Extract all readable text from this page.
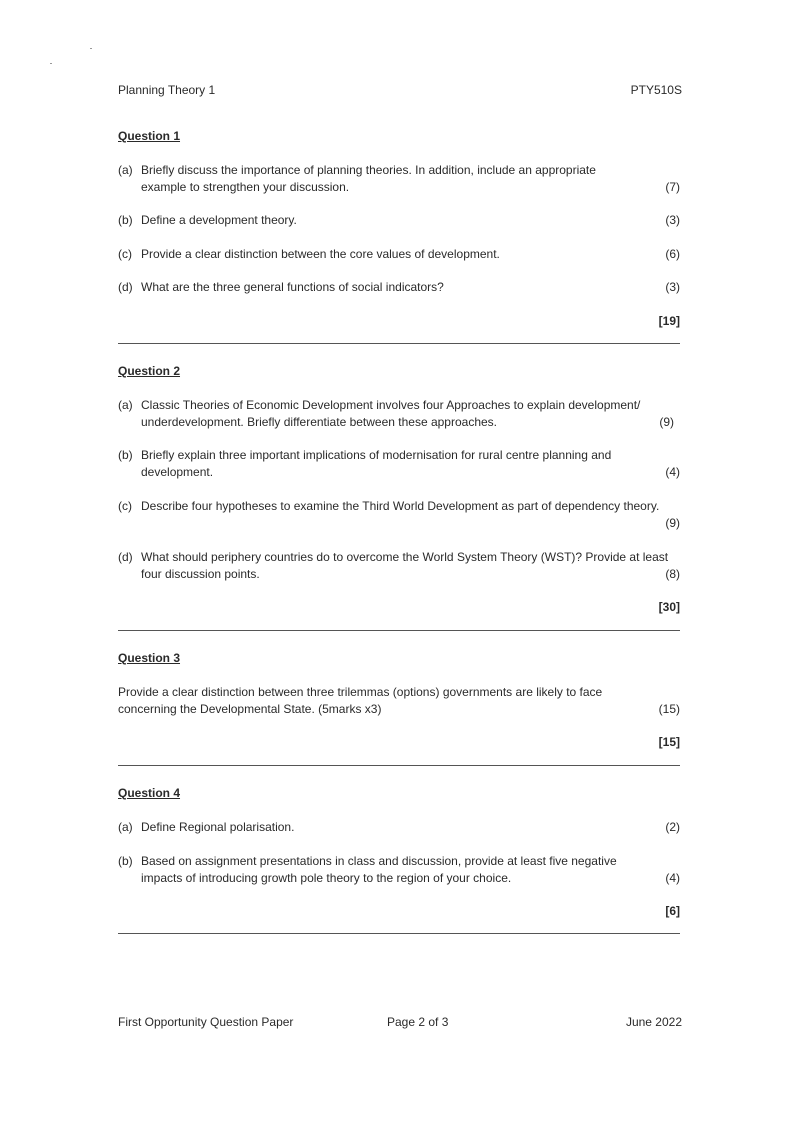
Planning Theory 1	PTY510S
Question 1
(a) Briefly discuss the importance of planning theories. In addition, include an appropriate example to strengthen your discussion.	(7)
(b) Define a development theory.	(3)
(c) Provide a clear distinction between the core values of development.	(6)
(d) What are the three general functions of social indicators?	(3)
[19]
Question 2
(a) Classic Theories of Economic Development involves four Approaches to explain development/ underdevelopment. Briefly differentiate between these approaches.	(9)
(b) Briefly explain three important implications of modernisation for rural centre planning and development.	(4)
(c) Describe four hypotheses to examine the Third World Development as part of dependency theory.
(9)
(d) What should periphery countries do to overcome the World System Theory (WST)? Provide at least four discussion points.	(8)
[30]
Question 3
Provide a clear distinction between three trilemmas (options) governments are likely to face concerning the Developmental State. (5marks x3)	(15)
[15]
Question 4
(a) Define Regional polarisation.	(2)
(b) Based on assignment presentations in class and discussion, provide at least five negative impacts of introducing growth pole theory to the region of your choice.	(4)
[6]
First Opportunity Question Paper	Page 2 of 3	June 2022
